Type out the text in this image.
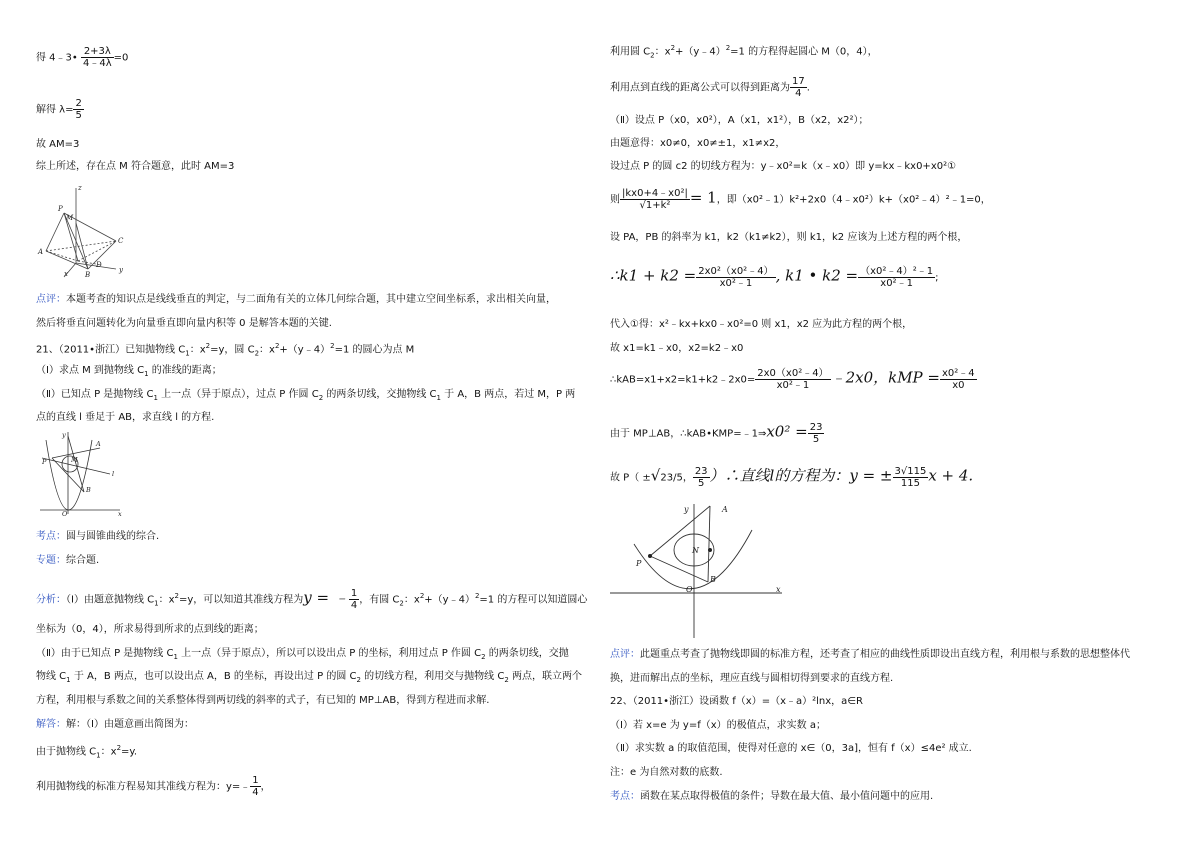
得 4﹣3• $\frac{2+3\lambda}{4﹣4\lambda} =0$
解得 $\lambda= \frac{2}{5}$
故 AM=3
综上所述，存在点 M 符合题意，此时 AM=3
z
M
P
A
B
C
D
x	y
点评：本题考查的知识点是线线垂直的判定，与二面角有关的立体几何综合题，其中建立空间坐标系，求出相关向量，
然后将垂直问题转化为向量垂直即向量内积等 0 是解答本题的关键.
21、（2011•浙江）已知抛物线 $C_1$：$x^2=y$，圆 $C_2$：$x^2+(y﹣4)^2=1$ 的圆心为点 M
（Ⅰ）求点 M 到抛物线 $C_1$ 的准线的距离；
（Ⅱ）已知点 P 是抛物线 $C_1$ 上一点（异于原点），过点 P 作圆 $C_2$ 的两条切线，交抛物线 $C_1$ 于 A，B 两点，若过 M，P 两
点的直线 l 垂足于 AB，求直线 l 的方程.
y
P
A
M
B
l
O	x
考点：圆与圆锥曲线的综合.
专题：综合题.
分析：（Ⅰ）由题意抛物线 $C_1$：$x^2=y$，可以知道其准线方程为y = ﹣ $\frac{1}{4}$ ，有圆 $C_2$：$x^2+(y﹣4)^2=1$ 的方程可以知道圆心
坐标为（0，4），所求易得到所求的点到线的距离；
（Ⅱ）由于已知点 P 是抛物线 $C_1$ 上一点（异于原点），所以可以设出点 P 的坐标，利用过点 P 作圆 $C_2$ 的两条切线，交抛
物线 $C_1$ 于 A，B 两点，也可以设出点 A，B 的坐标，再设出过 P 的圆 $C_2$ 的切线方程，利用交与抛物线 $C_2$ 两点，联立两个
方程，利用根与系数之间的关系整体得到两切线的斜率的式子，有已知的 MP⊥AB，得到方程进而求解.
解答：解：（Ⅰ）由题意画出简图为：
由于抛物线 $C_1$：$x^2=y$.
利用抛物线的标准方程易知其准线方程为：y=﹣ $\frac{1}{4}$ ，
利用圆 $C_2$：$x^2+(y﹣4)^2=1$ 的方程得起圆心 M（0，4），
利用点到直线的距离公式可以得到距离为 $\frac{17}{4}$ .
（Ⅱ）设点 P（x0，x0²），A（x1，x1²），B（x2，x2²）；
由题意得：x0≠0，x0≠±1，x1≠x2，
设过点 P 的圆 c2 的切线方程为：y﹣x0²=k（x﹣x0）即 y=kx﹣kx0+x0²①
则 $\frac{\text{|kx0+4﹣x0²|}}{\text{√1+k²}} = 1$，即（x0²﹣1）k²+2x0（4﹣x0²）k+（x0²﹣4）²﹣1=0，
设 PA，PB 的斜率为 k1，k2（k1≠k2），则 k1，k2 应该为上述方程的两个根，
∴k1 + $k2 = \frac{\text{2x0²（x0²﹣4）}}{\text{x0²﹣1}}$ , k1 • $k2 = \frac{\text{（x0²﹣4）²﹣1}}{\text{x0²﹣1}}$ ;
代入①得：x²﹣kx+kx0﹣x0²=0 则 x1，x2 应为此方程的两个根，
故 x1=k1﹣x0，x2=k2﹣x0
∴kAB=x1+x2=k1+k2﹣2x0= $\frac{\text{2x0（x0²﹣4）}}{\text{x0²﹣1}}$ ﹣2x0，kMP = $\frac{\text{x0²﹣4}}{x0}$
由于 MP⊥AB，∴kAB•KMP=﹣1⇒x0² = $\frac{23}{5}$
故 P（ ±√23/5， $\frac{23}{5}$ ）∴直线l的方程为：y = ± $\frac{3√115}{115}$ x + 4.
y	A
N
P
B
O	x
点评：此题重点考查了抛物线即圆的标准方程，还考查了相应的曲线性质即设出直线方程，利用根与系数的思想整体代
换，进而解出点的坐标，理应直线与圆相切得到要求的直线方程.
22、（2011•浙江）设函数 f（x）=（x﹣a）²lnx，a∈R
（Ⅰ）若 x=e 为 y=f（x）的极值点，求实数 a；
（Ⅱ）求实数 a 的取值范围，使得对任意的 x∈（0，3a]，恒有 f（x）≤4e² 成立.
注：e 为自然对数的底数.
考点：函数在某点取得极值的条件；导数在最大值、最小值问题中的应用.
